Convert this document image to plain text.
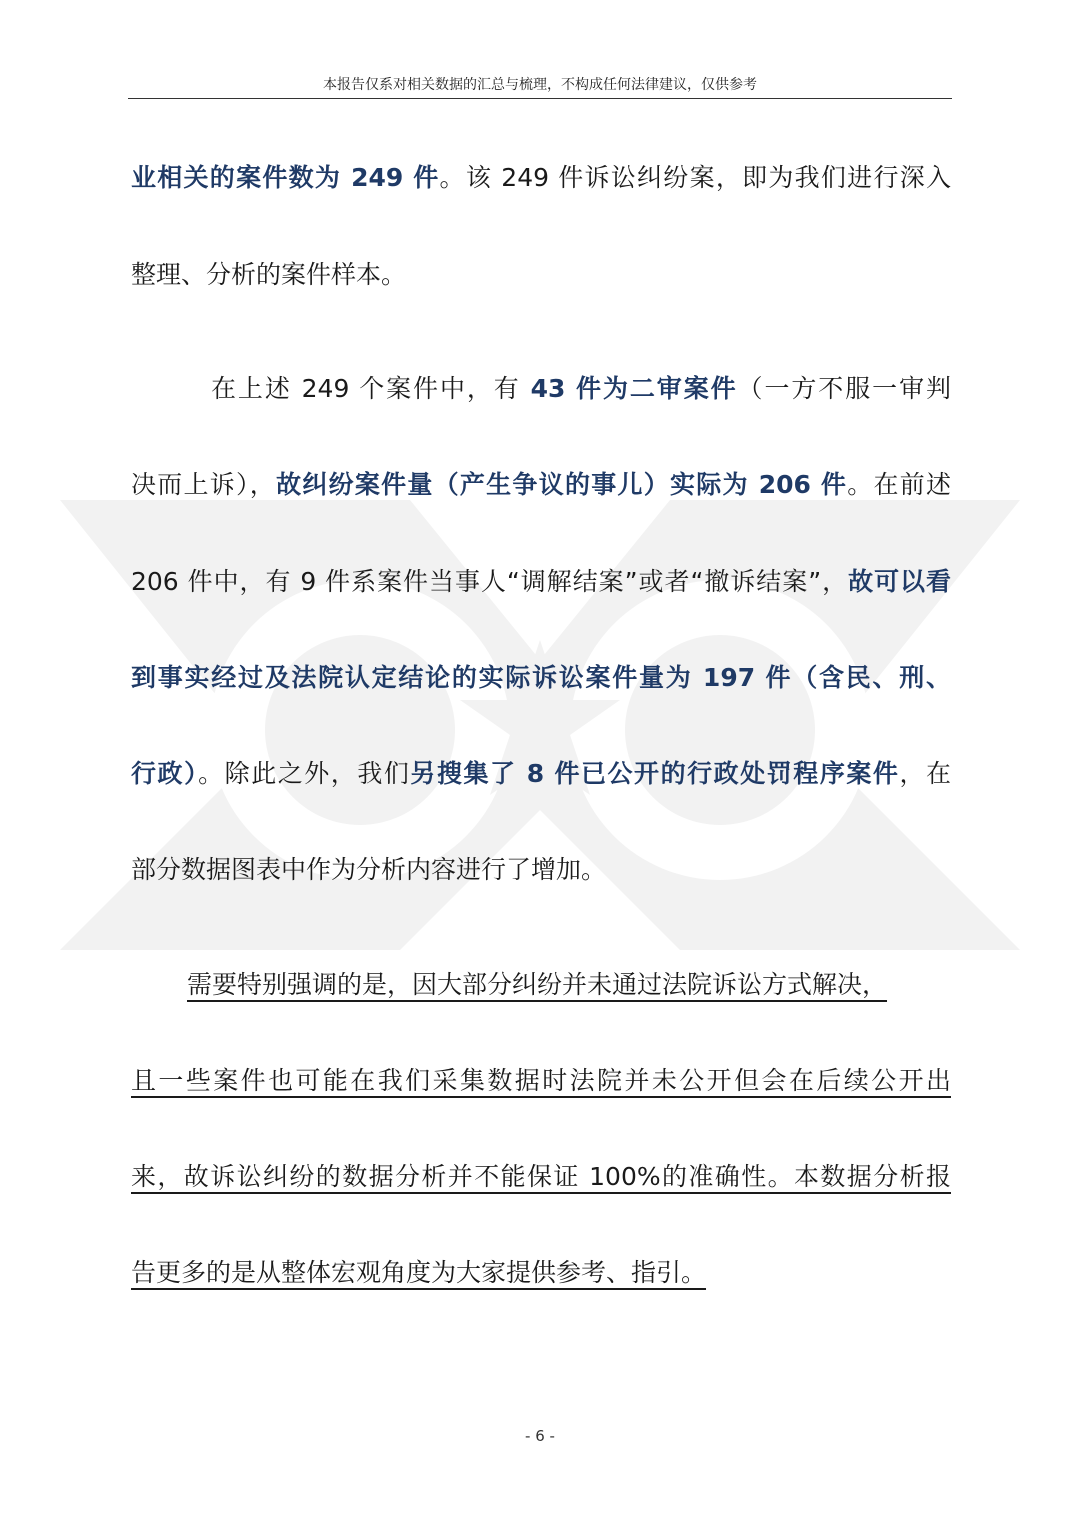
本报告仅系对相关数据的汇总与梳理，不构成任何法律建议，仅供参考
业相关的案件数为 249 件。该 249 件诉讼纠纷案，即为我们进行深入
整理、分析的案件样本。
在上述 249 个案件中，有 43 件为二审案件（一方不服一审判
决而上诉），故纠纷案件量（产生争议的事儿）实际为 206 件。在前述
206 件中，有 9 件系案件当事人“调解结案”或者“撤诉结案”，故可以看
到事实经过及法院认定结论的实际诉讼案件量为 197 件（含民、刑、
行政）。除此之外，我们另搜集了 8 件已公开的行政处罚程序案件，在
部分数据图表中作为分析内容进行了增加。
需要特别强调的是，因大部分纠纷并未通过法院诉讼方式解决，
且一些案件也可能在我们采集数据时法院并未公开但会在后续公开出
来，故诉讼纠纷的数据分析并不能保证 100%的准确性。本数据分析报
告更多的是从整体宏观角度为大家提供参考、指引。
- 6 -
